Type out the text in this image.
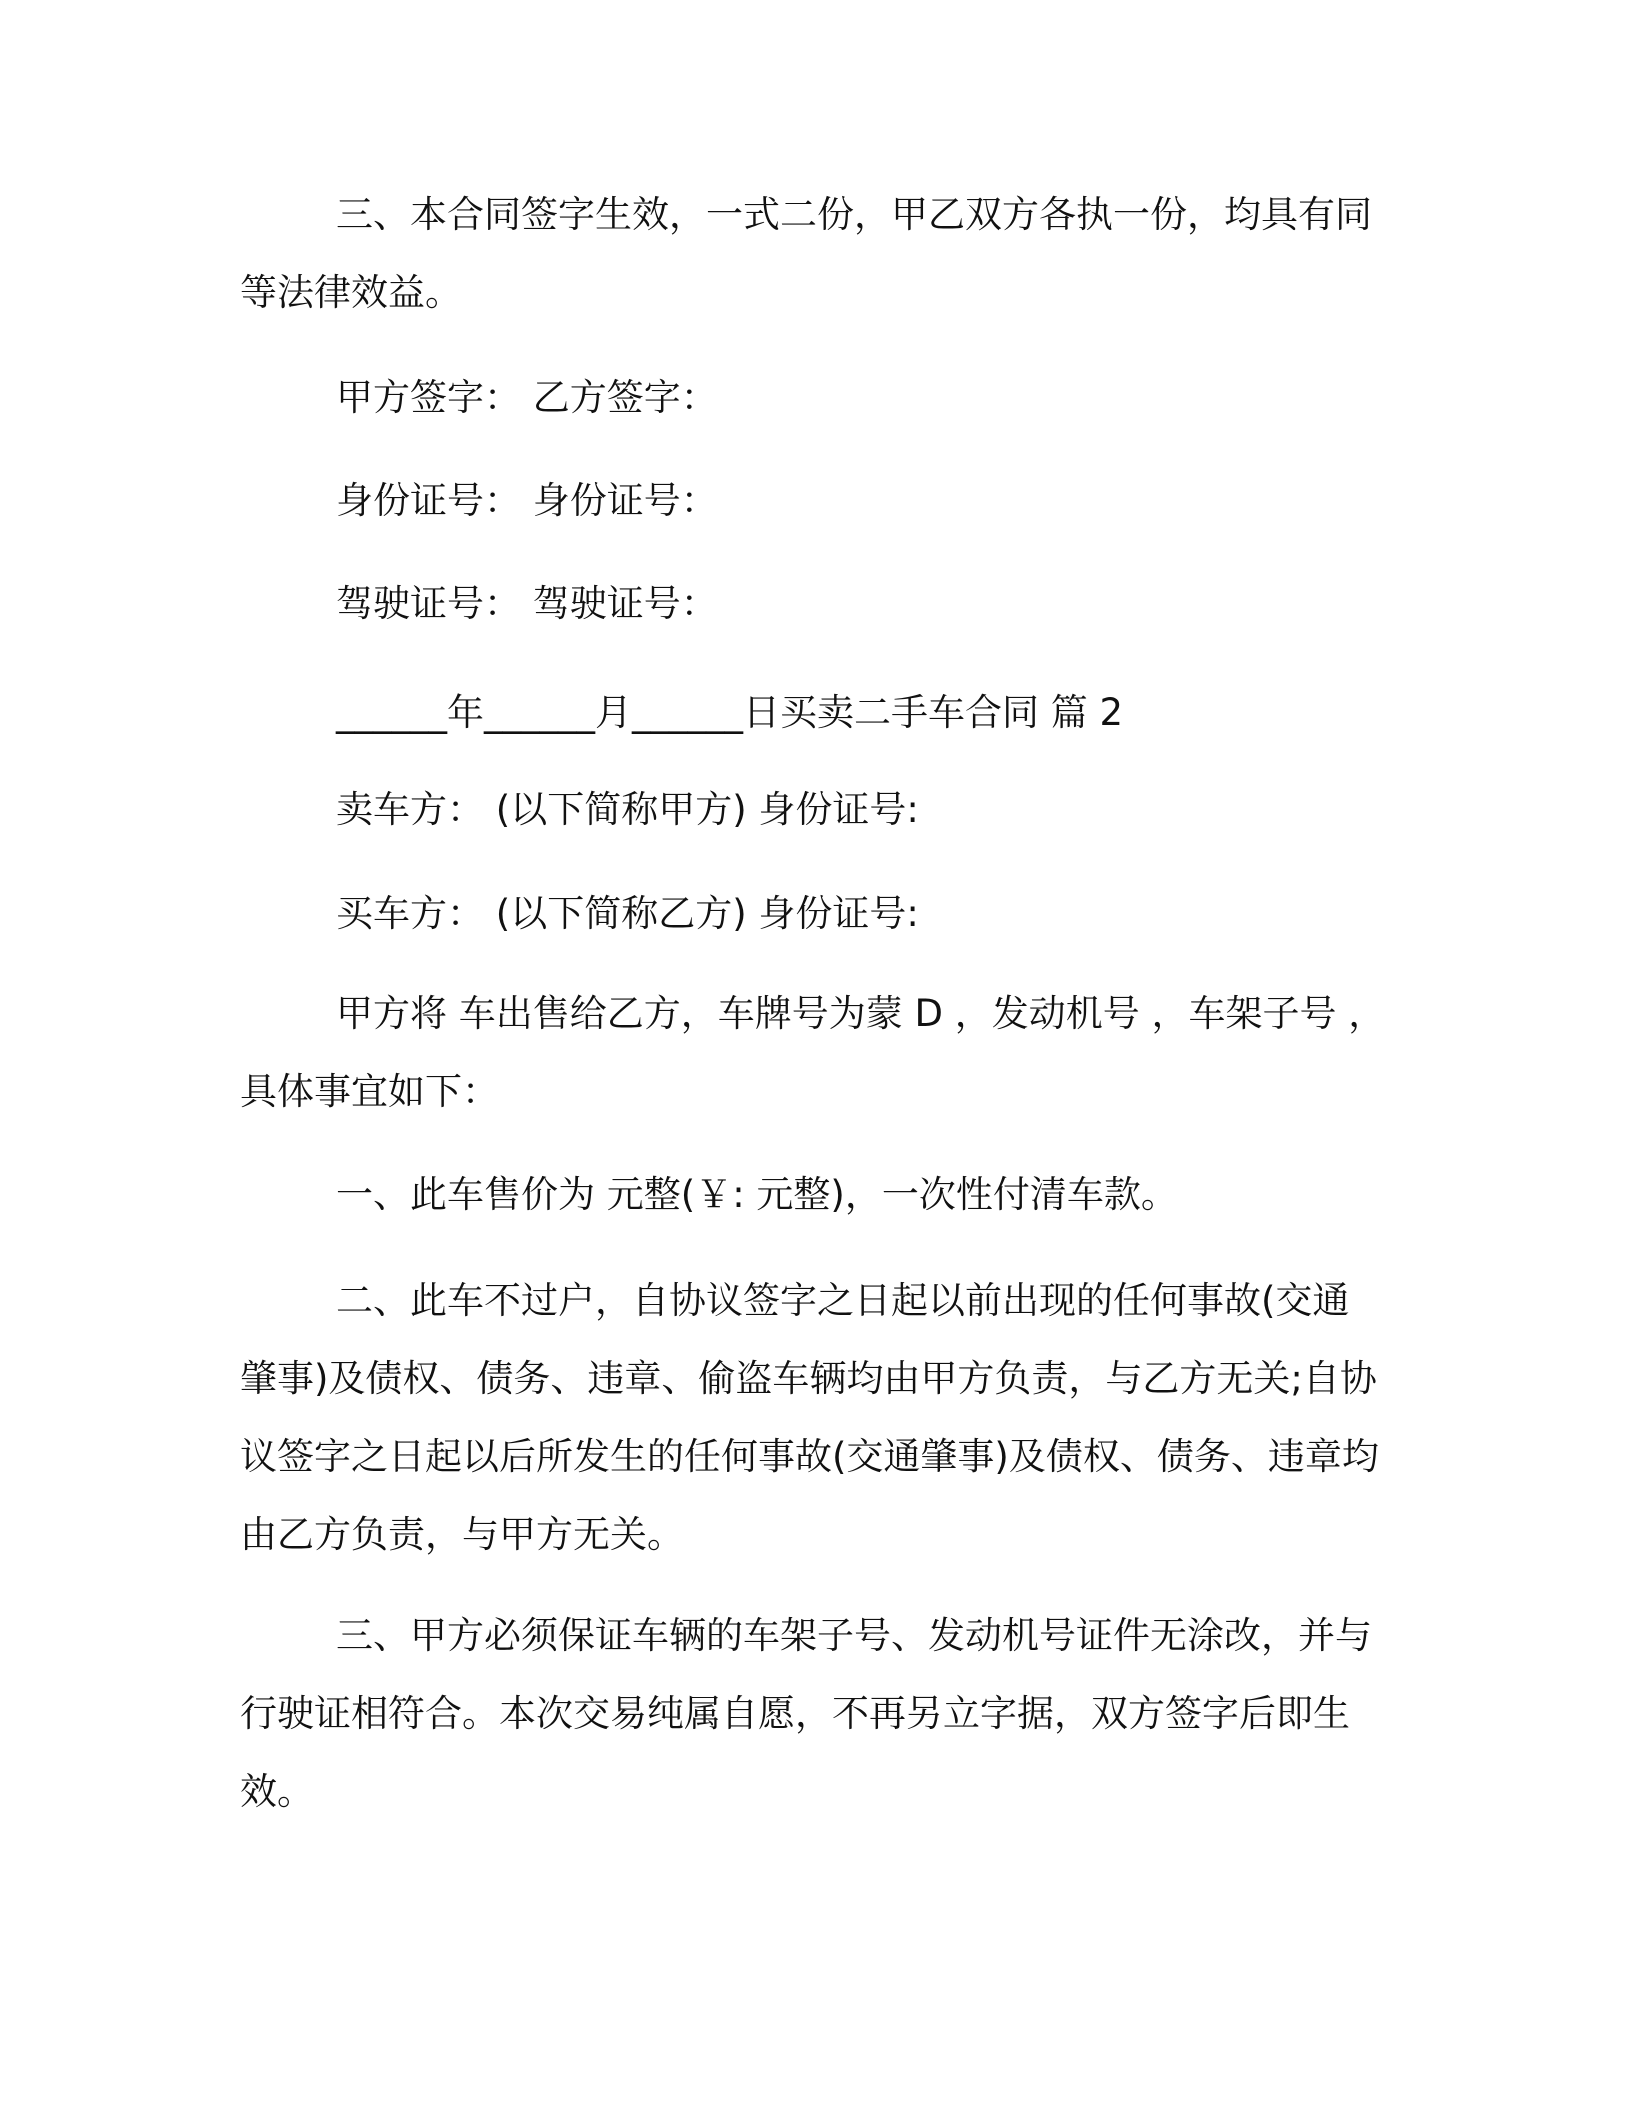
三、本合同签字生效，一式二份，甲乙双方各执一份，均具有同
等法律效益。
甲方签字： 乙方签字：
身份证号： 身份证号：
驾驶证号： 驾驶证号：
______年______月______日买卖二手车合同 篇 2
卖车方： (以下简称甲方) 身份证号:
买车方： (以下简称乙方) 身份证号:
甲方将 车出售给乙方，车牌号为蒙 D ，发动机号 ，车架子号 ，
具体事宜如下：
一、此车售价为 元整(￥: 元整)，一次性付清车款。
二、此车不过户，自协议签字之日起以前出现的任何事故(交通
肇事)及债权、债务、违章、偷盗车辆均由甲方负责，与乙方无关;自协
议签字之日起以后所发生的任何事故(交通肇事)及债权、债务、违章均
由乙方负责，与甲方无关。
三、甲方必须保证车辆的车架子号、发动机号证件无涂改，并与
行驶证相符合。本次交易纯属自愿，不再另立字据，双方签字后即生
效。
